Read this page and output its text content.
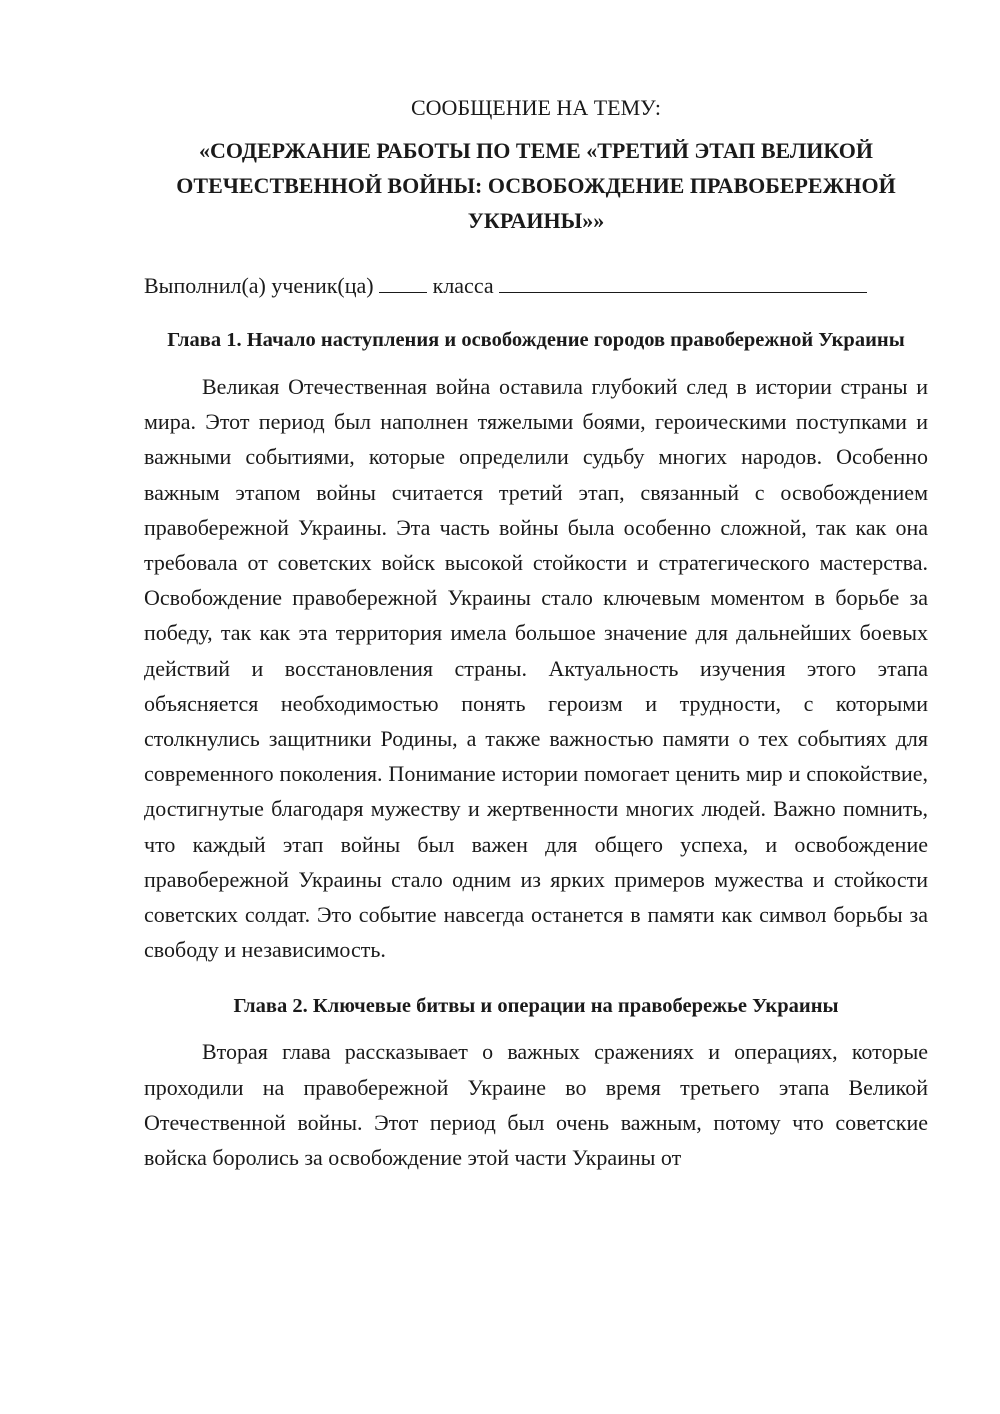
СООБЩЕНИЕ НА ТЕМУ:

«СОДЕРЖАНИЕ РАБОТЫ ПО ТЕМЕ «ТРЕТИЙ ЭТАП ВЕЛИКОЙ ОТЕЧЕСТВЕННОЙ ВОЙНЫ: ОСВОБОЖДЕНИЕ ПРАВОБЕРЕЖНОЙ УКРАИНЫ»»

Выполнил(а) ученик(ца)	класса

Глава 1. Начало наступления и освобождение городов правобережной Украины

Великая Отечественная война оставила глубокий след в истории страны и мира. Этот период был наполнен тяжелыми боями, героическими поступками и важными событиями, которые определили судьбу многих народов. Особенно важным этапом войны считается третий этап, связанный с освобождением правобережной Украины. Эта часть войны была особенно сложной, так как она требовала от советских войск высокой стойкости и стратегического мастерства. Освобождение правобережной Украины стало ключевым моментом в борьбе за победу, так как эта территория имела большое значение для дальнейших боевых действий и восстановления страны. Актуальность изучения этого этапа объясняется необходимостью понять героизм и трудности, с которыми столкнулись защитники Родины, а также важностью памяти о тех событиях для современного поколения. Понимание истории помогает ценить мир и спокойствие, достигнутые благодаря мужеству и жертвенности многих людей. Важно помнить, что каждый этап войны был важен для общего успеха, и освобождение правобережной Украины стало одним из ярких примеров мужества и стойкости советских солдат. Это событие навсегда останется в памяти как символ борьбы за свободу и независимость.

Глава 2. Ключевые битвы и операции на правобережье Украины

Вторая глава рассказывает о важных сражениях и операциях, которые проходили на правобережной Украине во время третьего этапа Великой Отечественной войны. Этот период был очень важным, потому что советские войска боролись за освобождение этой части Украины от
